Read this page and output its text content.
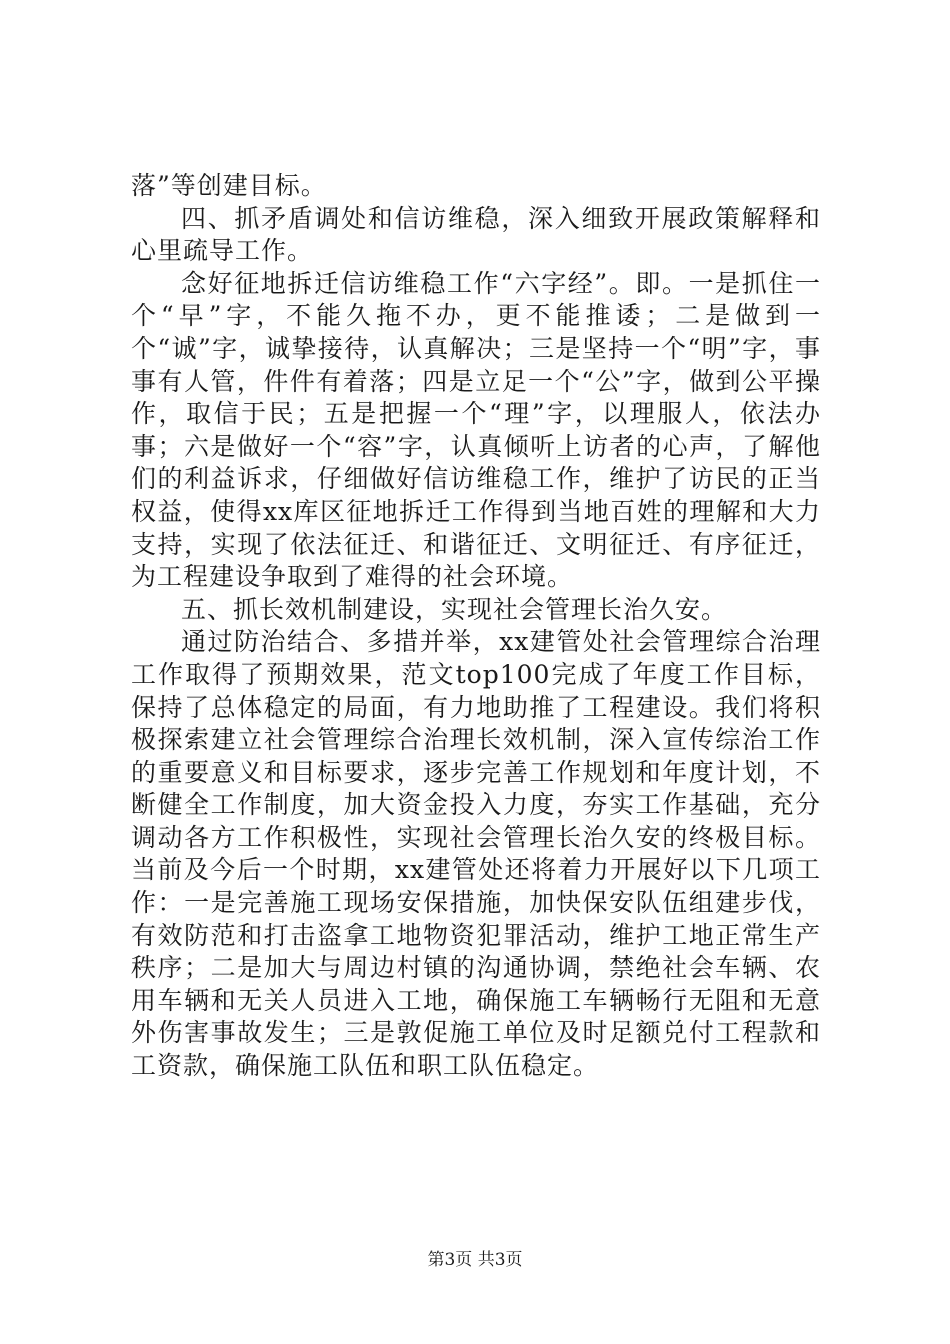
落”等创建目标。

四、抓矛盾调处和信访维稳，深入细致开展政策解释和心里疏导工作。

念好征地拆迁信访维稳工作“六字经”。即。一是抓住一个“早”字，不能久拖不办，更不能推诿；二是做到一个“诚”字，诚挚接待，认真解决；三是坚持一个“明”字，事事有人管，件件有着落；四是立足一个“公”字，做到公平操作，取信于民；五是把握一个“理”字，以理服人，依法办事；六是做好一个“容”字，认真倾听上访者的心声，了解他们的利益诉求，仔细做好信访维稳工作，维护了访民的正当权益，使得xx库区征地拆迁工作得到当地百姓的理解和大力支持，实现了依法征迁、和谐征迁、文明征迁、有序征迁，为工程建设争取到了难得的社会环境。

五、抓长效机制建设，实现社会管理长治久安。

通过防治结合、多措并举，xx建管处社会管理综合治理工作取得了预期效果，范文top100完成了年度工作目标，保持了总体稳定的局面，有力地助推了工程建设。我们将积极探索建立社会管理综合治理长效机制，深入宣传综治工作的重要意义和目标要求，逐步完善工作规划和年度计划，不断健全工作制度，加大资金投入力度，夯实工作基础，充分调动各方工作积极性，实现社会管理长治久安的终极目标。当前及今后一个时期，xx建管处还将着力开展好以下几项工作：一是完善施工现场安保措施，加快保安队伍组建步伐，有效防范和打击盗拿工地物资犯罪活动，维护工地正常生产秩序；二是加大与周边村镇的沟通协调，禁绝社会车辆、农用车辆和无关人员进入工地，确保施工车辆畅行无阻和无意外伤害事故发生；三是敦促施工单位及时足额兑付工程款和工资款，确保施工队伍和职工队伍稳定。

第3页 共3页
